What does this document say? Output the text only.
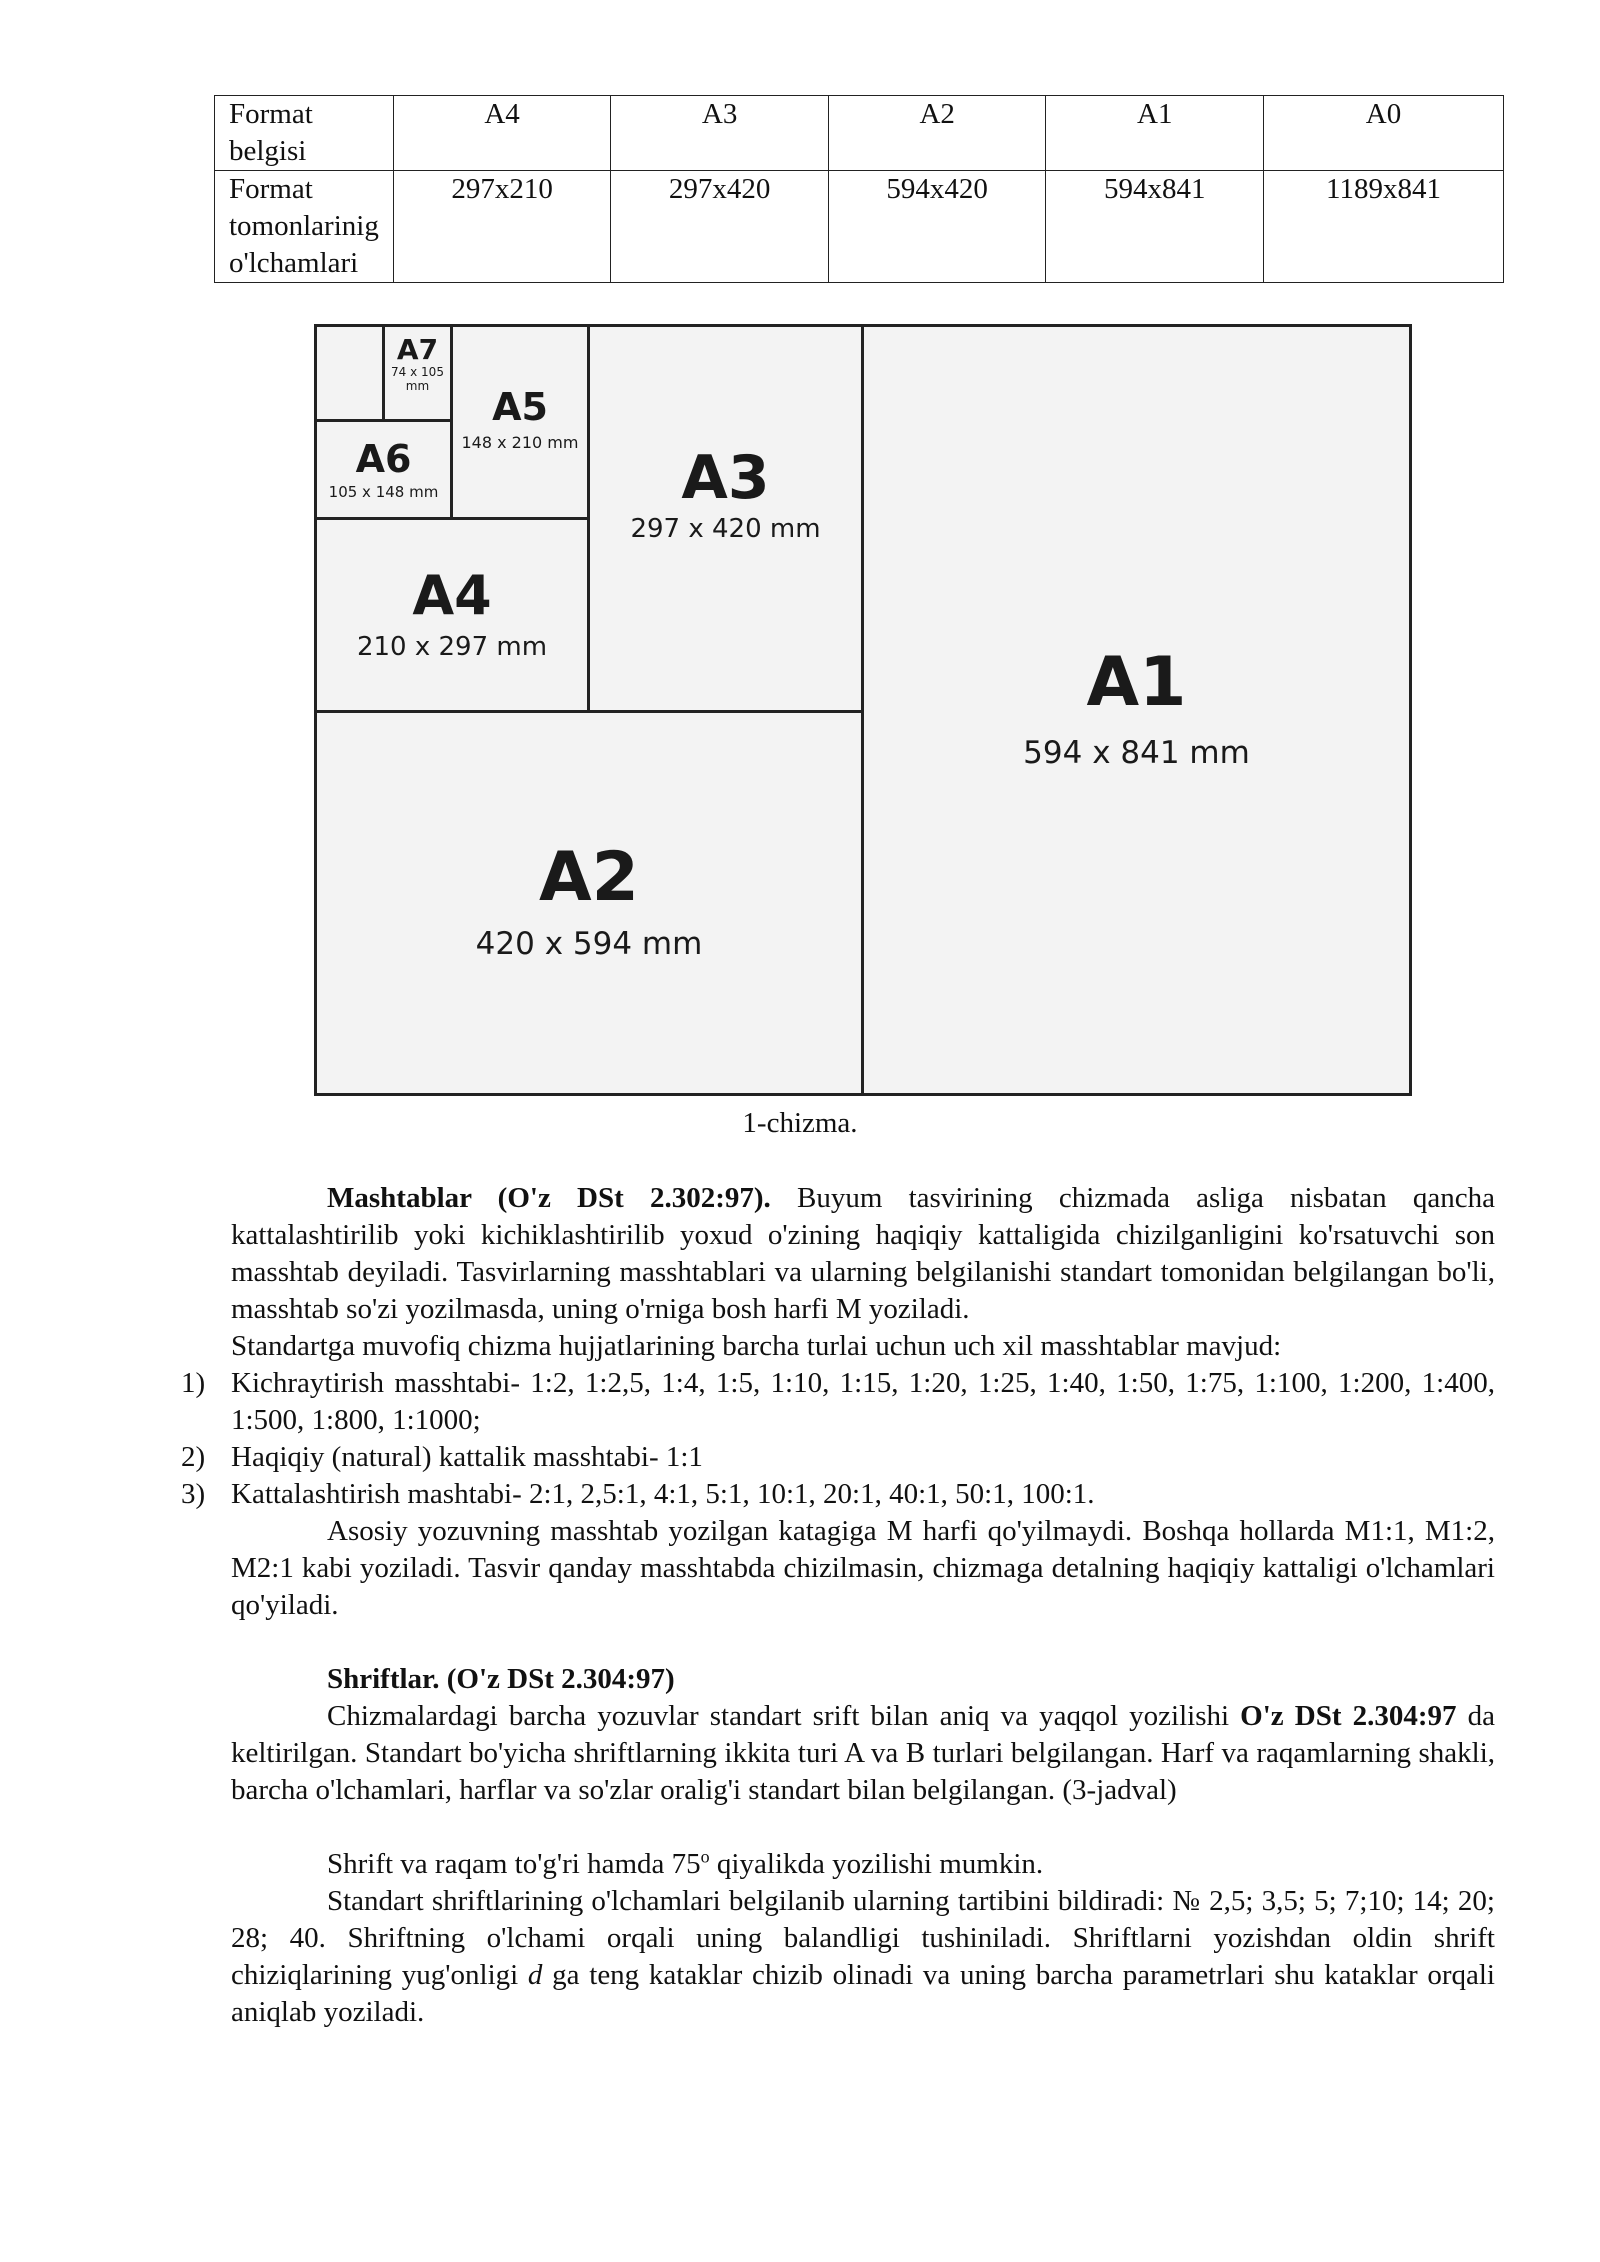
Format belgisi	A4	A3	A2	A1	A0
Format tomonlarinig o'lchamlari	297x210	297x420	594x420	594x841	1189x841
A1
594 x 841 mm
A2
420 x 594 mm
A3
297 x 420 mm
A4
210 x 297 mm
A5
148 x 210 mm
A6
105 x 148 mm
A7
74 x 105 mm
1-chizma.
Mashtablar (O'z DSt 2.302:97). Buyum tasvirining chizmada asliga nisbatan qancha kattalashtirilib yoki kichiklashtirilib yoxud o'zining haqiqiy kattaligida chizilganligini ko'rsatuvchi son masshtab deyiladi. Tasvirlarning masshtablari va ularning belgilanishi standart tomonidan belgilangan bo'li, masshtab so'zi yozilmasda, uning o'rniga bosh harfi M yoziladi.
Standartga muvofiq chizma hujjatlarining barcha turlai uchun uch xil masshtablar mavjud:
1) Kichraytirish masshtabi- 1:2, 1:2,5, 1:4, 1:5, 1:10, 1:15, 1:20, 1:25, 1:40, 1:50, 1:75, 1:100, 1:200, 1:400, 1:500, 1:800, 1:1000;
2) Haqiqiy (natural) kattalik masshtabi- 1:1
3) Kattalashtirish mashtabi- 2:1, 2,5:1, 4:1, 5:1, 10:1, 20:1, 40:1, 50:1, 100:1.
Asosiy yozuvning masshtab yozilgan katagiga M harfi qo'yilmaydi. Boshqa hollarda M1:1, M1:2, M2:1 kabi yoziladi. Tasvir qanday masshtabda chizilmasin, chizmaga detalning haqiqiy kattaligi o'lchamlari qo'yiladi.
Shriftlar. (O'z DSt 2.304:97)
Chizmalardagi barcha yozuvlar standart srift bilan aniq va yaqqol yozilishi O'z DSt 2.304:97 da keltirilgan. Standart bo'yicha shriftlarning ikkita turi A va B turlari belgilangan. Harf va raqamlarning shakli, barcha o'lchamlari, harflar va so'zlar oralig'i standart bilan belgilangan. (3-jadval)
Shrift va raqam to'g'ri hamda 75$^o$ qiyalikda yozilishi mumkin.
Standart shriftlarining o'lchamlari belgilanib ularning tartibini bildiradi: № 2,5; 3,5; 5; 7;10; 14; 20; 28; 40. Shriftning o'lchami orqali uning balandligi tushiniladi. Shriftlarni yozishdan oldin shrift chiziqlarining yug'onligi d ga teng kataklar chizib olinadi va uning barcha parametrlari shu kataklar orqali aniqlab yoziladi.
